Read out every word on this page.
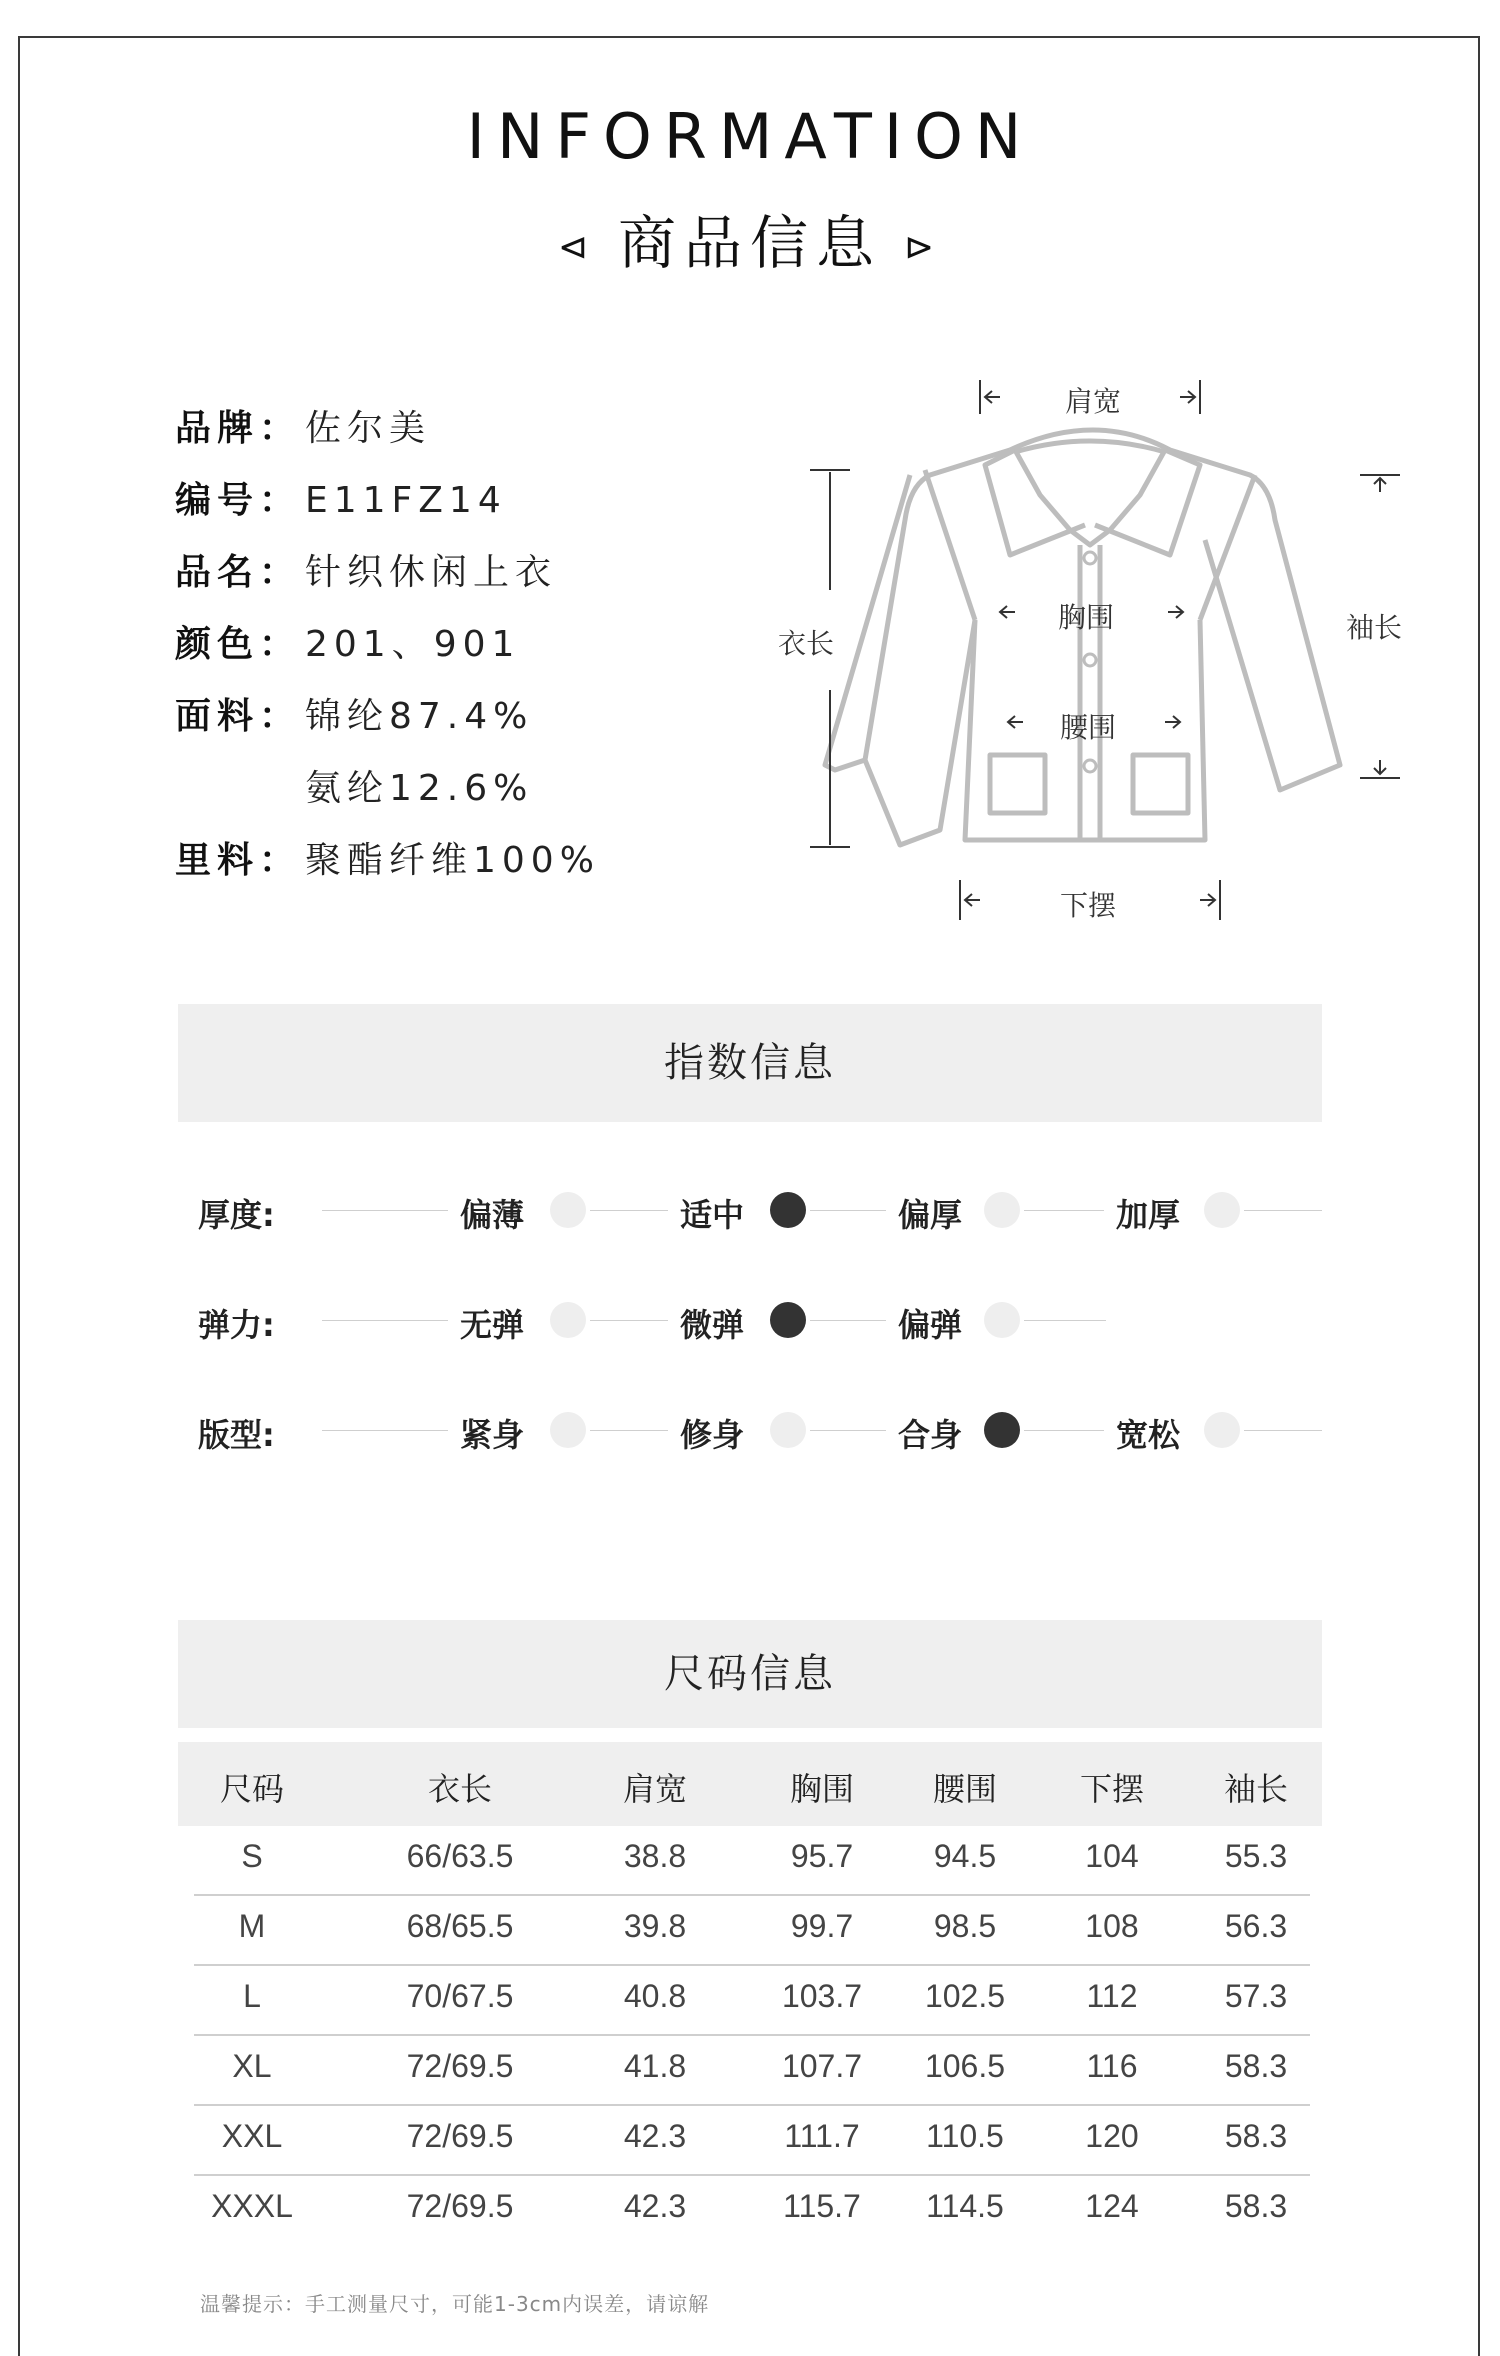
INFORMATION
⊲ 商品信息 ⊳
品牌： 佐尔美
编号： E11FZ14
品名： 针织休闲上衣
颜色： 201、901
面料： 锦纶87.4%
氨纶12.6%
里料： 聚酯纤维100%
肩宽
衣长
胸围
腰围
下摆
袖长
指数信息
厚度:	偏薄	适中	偏厚	加厚
弹力:	无弹	微弹	偏弹
版型:	紧身	修身	合身	宽松
尺码信息
尺码	衣长	肩宽	胸围	腰围	下摆	袖长
S	66/63.5	38.8	95.7	94.5	104	55.3
M	68/65.5	39.8	99.7	98.5	108	56.3
L	70/67.5	40.8	103.7	102.5	112	57.3
XL	72/69.5	41.8	107.7	106.5	116	58.3
XXL	72/69.5	42.3	111.7	110.5	120	58.3
XXXL	72/69.5	42.3	115.7	114.5	124	58.3
温馨提示：手工测量尺寸，可能1-3cm内误差，请谅解
